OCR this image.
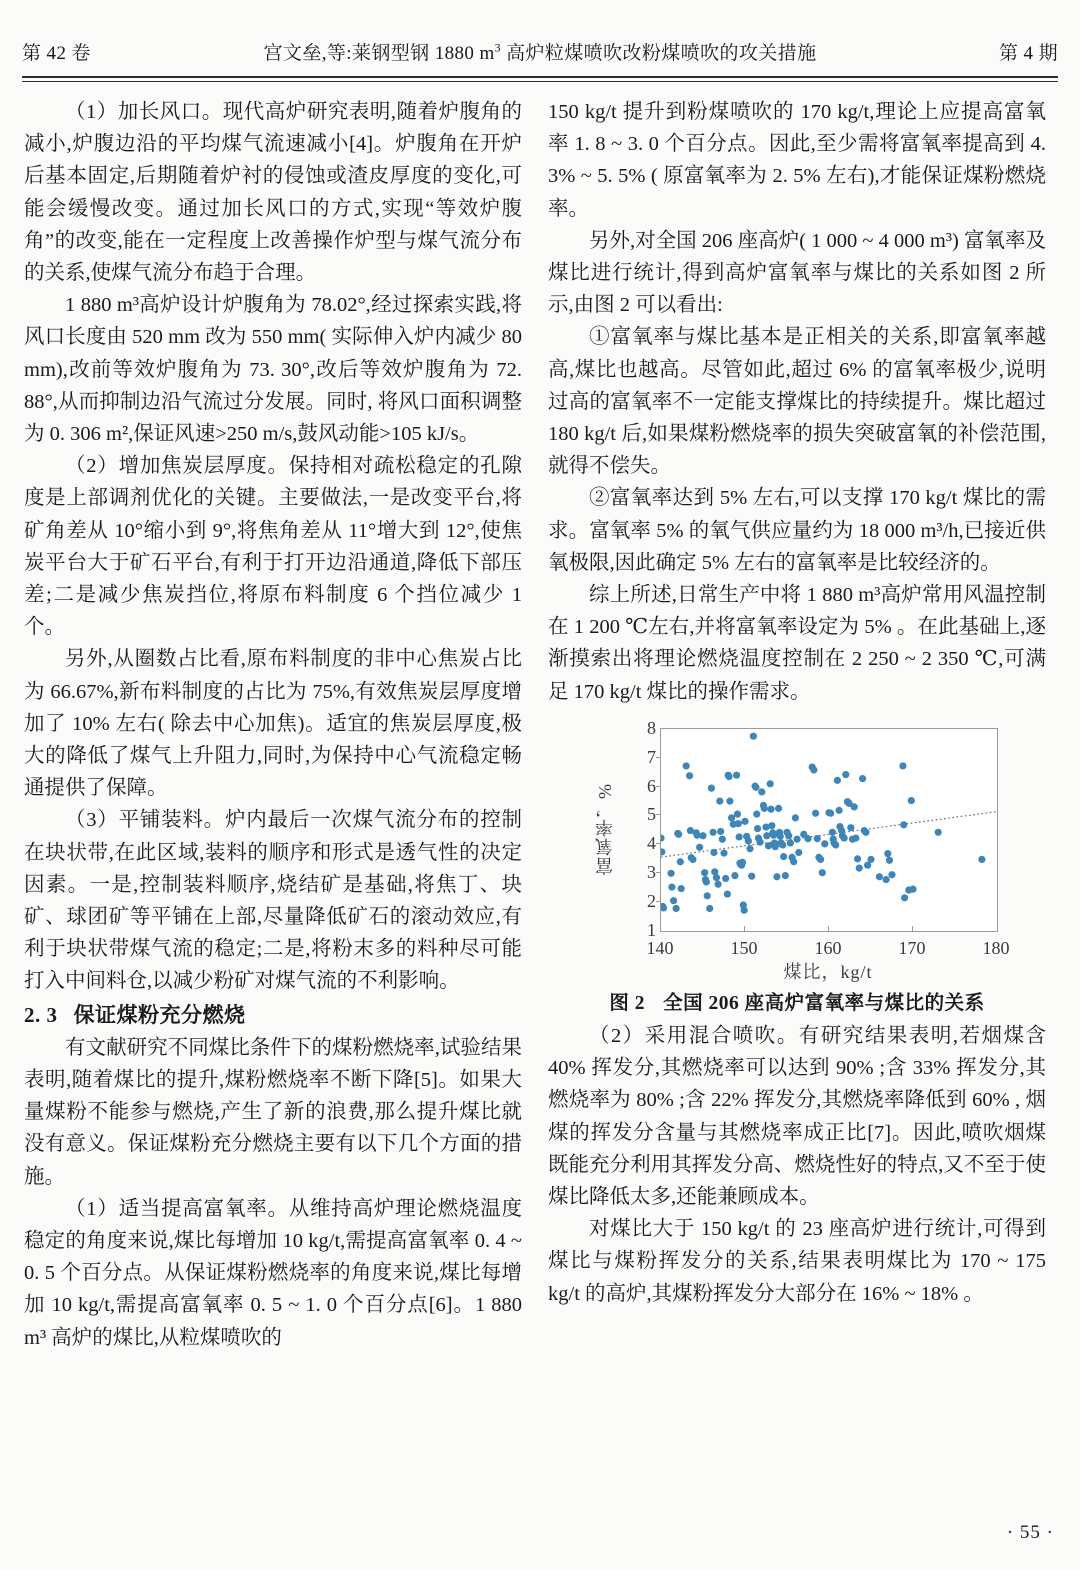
第 42 卷	宫文垒,等:莱钢型钢 1880 $m^3$ 高炉粒煤喷吹改粉煤喷吹的攻关措施	第 4 期

（1）加长风口。现代高炉研究表明,随着炉腹角的减小,炉腹边沿的平均煤气流速减小[4]。炉腹角在开炉后基本固定,后期随着炉衬的侵蚀或渣皮厚度的变化,可能会缓慢改变。通过加长风口的方式,实现“等效炉腹角”的改变,能在一定程度上改善操作炉型与煤气流分布的关系,使煤气流分布趋于合理。

1 880 m³高炉设计炉腹角为 78.02°,经过探索实践,将风口长度由 520 mm 改为 550 mm( 实际伸入炉内减少 80 mm),改前等效炉腹角为 73. 30°,改后等效炉腹角为 72. 88°,从而抑制边沿气流过分发展。同时, 将风口面积调整为 0. 306 m²,保证风速>250 m/s,鼓风动能>105 kJ/s。

（2）增加焦炭层厚度。保持相对疏松稳定的孔隙度是上部调剂优化的关键。主要做法,一是改变平台,将矿角差从 10°缩小到 9°,将焦角差从 11°增大到 12°,使焦炭平台大于矿石平台,有利于打开边沿通道,降低下部压差;二是减少焦炭挡位,将原布料制度 6 个挡位减少 1 个。

另外,从圈数占比看,原布料制度的非中心焦炭占比为 66.67%,新布料制度的占比为 75%,有效焦炭层厚度增加了 10% 左右( 除去中心加焦)。适宜的焦炭层厚度,极大的降低了煤气上升阻力,同时,为保持中心气流稳定畅通提供了保障。

（3）平铺装料。炉内最后一次煤气流分布的控制在块状带,在此区域,装料的顺序和形式是透气性的决定因素。一是,控制装料顺序,烧结矿是基础,将焦丁、块矿、球团矿等平铺在上部,尽量降低矿石的滚动效应,有利于块状带煤气流的稳定;二是,将粉末多的料种尽可能打入中间料仓,以减少粉矿对煤气流的不利影响。

2. 3 保证煤粉充分燃烧

有文献研究不同煤比条件下的煤粉燃烧率,试验结果表明,随着煤比的提升,煤粉燃烧率不断下降[5]。如果大量煤粉不能参与燃烧,产生了新的浪费,那么提升煤比就没有意义。保证煤粉充分燃烧主要有以下几个方面的措施。

（1）适当提高富氧率。从维持高炉理论燃烧温度稳定的角度来说,煤比每增加 10 kg/t,需提高富氧率 0. 4 ~ 0. 5 个百分点。从保证煤粉燃烧率的角度来说,煤比每增加 10 kg/t,需提高富氧率 0. 5 ~ 1. 0 个百分点[6]。1 880 m³ 高炉的煤比,从粒煤喷吹的

150 kg/t 提升到粉煤喷吹的 170 kg/t,理论上应提高富氧率 1. 8 ~ 3. 0 个百分点。因此,至少需将富氧率提高到 4. 3% ~ 5. 5% ( 原富氧率为 2. 5% 左右),才能保证煤粉燃烧率。

另外,对全国 206 座高炉( 1 000 ~ 4 000 m³) 富氧率及煤比进行统计,得到高炉富氧率与煤比的关系如图 2 所示,由图 2 可以看出:

①富氧率与煤比基本是正相关的关系,即富氧率越高,煤比也越高。尽管如此,超过 6% 的富氧率极少,说明过高的富氧率不一定能支撑煤比的持续提升。煤比超过 180 kg/t 后,如果煤粉燃烧率的损失突破富氧的补偿范围,就得不偿失。

②富氧率达到 5% 左右,可以支撑 170 kg/t 煤比的需求。富氧率 5% 的氧气供应量约为 18 000 m³/h,已接近供氧极限,因此确定 5% 左右的富氧率是比较经济的。

综上所述,日常生产中将 1 880 m³高炉常用风温控制在 1 200 ℃左右,并将富氧率设定为 5% 。在此基础上,逐渐摸索出将理论燃烧温度控制在 2 250 ~ 2 350 ℃,可满足 170 kg/t 煤比的操作需求。

富氧率，%
1
2
3
4
5
6
7
8
140	150	160	170	180
煤比，kg/t
图 2 全国 206 座高炉富氧率与煤比的关系

（2）采用混合喷吹。有研究结果表明,若烟煤含 40% 挥发分,其燃烧率可以达到 90% ;含 33% 挥发分,其燃烧率为 80% ;含 22% 挥发分,其燃烧率降低到 60% , 烟煤的挥发分含量与其燃烧率成正比[7]。因此,喷吹烟煤既能充分利用其挥发分高、燃烧性好的特点,又不至于使煤比降低太多,还能兼顾成本。

对煤比大于 150 kg/t 的 23 座高炉进行统计,可得到煤比与煤粉挥发分的关系,结果表明煤比为 170 ~ 175 kg/t 的高炉,其煤粉挥发分大部分在 16% ~ 18% 。

· 55 ·
